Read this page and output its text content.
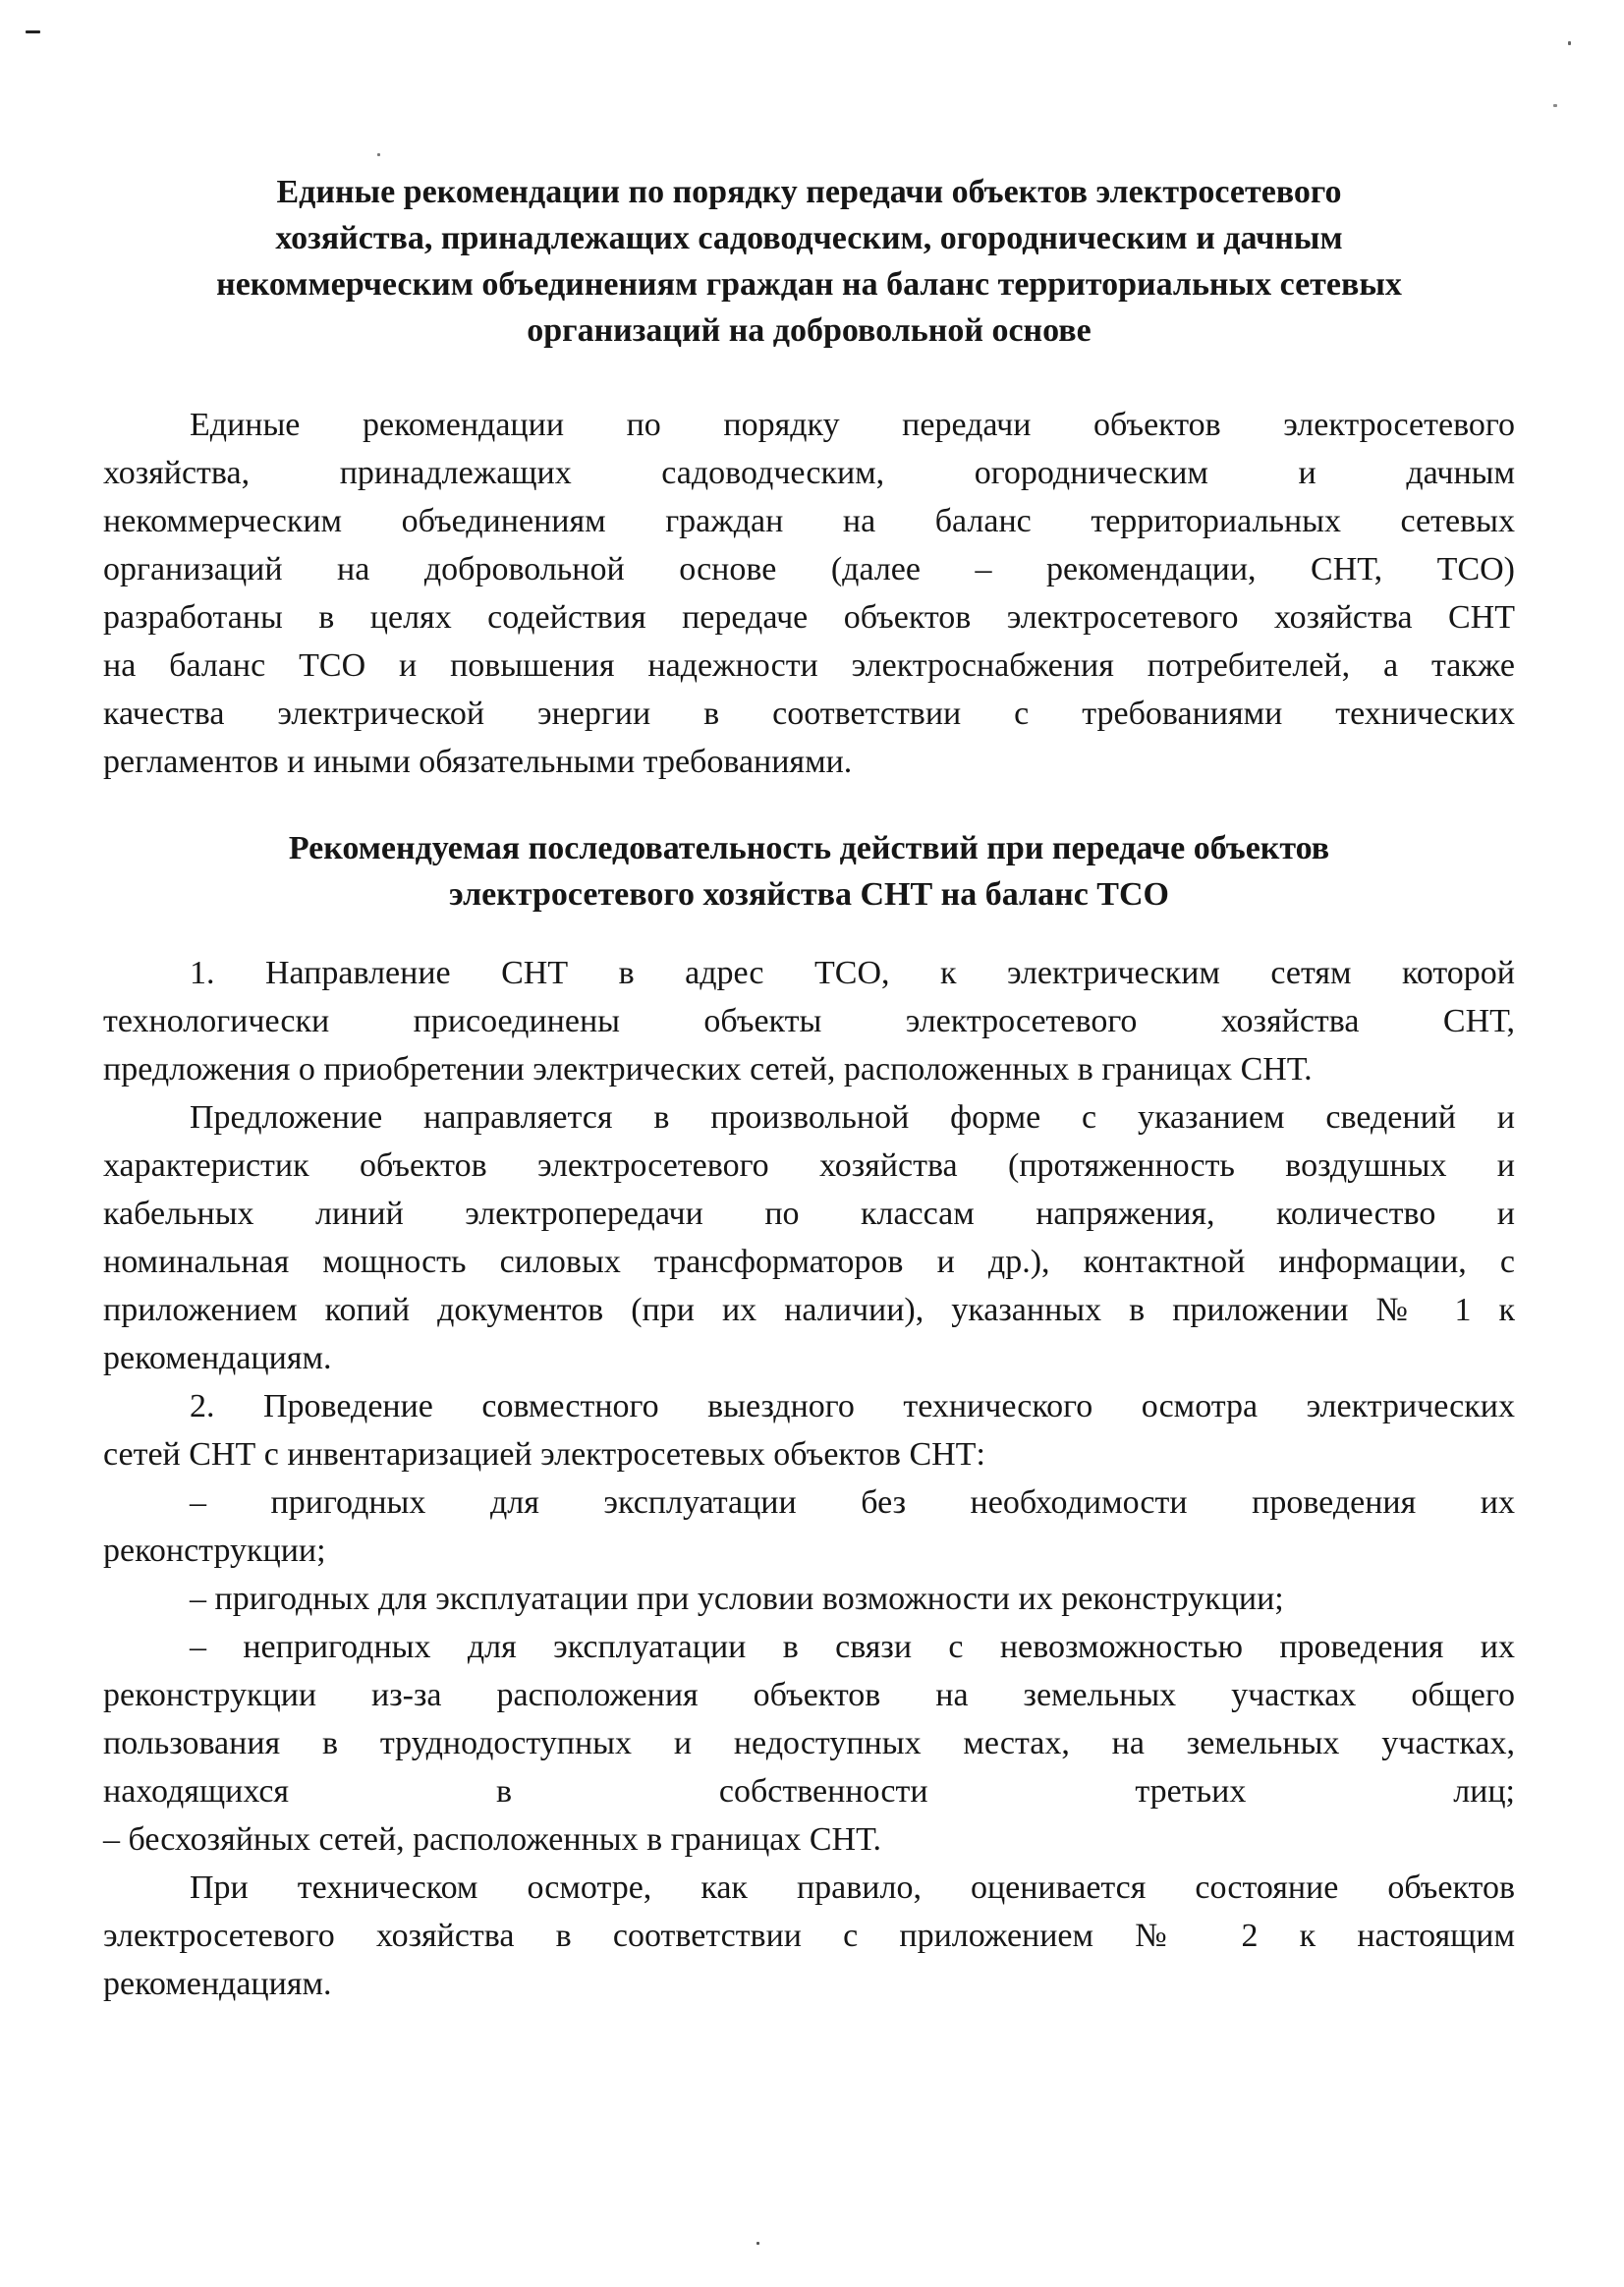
Единые рекомендации по порядку передачи объектов электросетевого
хозяйства, принадлежащих садоводческим, огородническим и дачным
некоммерческим объединениям граждан на баланс территориальных сетевых
организаций на добровольной основе

Единые рекомендации по порядку передачи объектов электросетевого
хозяйства, принадлежащих садоводческим, огородническим и дачным
некоммерческим объединениям граждан на баланс территориальных сетевых
организаций на добровольной основе (далее – рекомендации, СНТ, ТСО)
разработаны в целях содействия передаче объектов электросетевого хозяйства СНТ
на баланс ТСО и повышения надежности электроснабжения потребителей, а также
качества электрической энергии в соответствии с требованиями технических
регламентов и иными обязательными требованиями.

Рекомендуемая последовательность действий при передаче объектов
электросетевого хозяйства СНТ на баланс ТСО

1. Направление СНТ в адрес ТСО, к электрическим сетям которой
технологически присоединены объекты электросетевого хозяйства СНТ,
предложения о приобретении электрических сетей, расположенных в границах СНТ.

Предложение направляется в произвольной форме с указанием сведений и
характеристик объектов электросетевого хозяйства (протяженность воздушных и
кабельных линий электропередачи по классам напряжения, количество и
номинальная мощность силовых трансформаторов и др.), контактной информации, с
приложением копий документов (при их наличии), указанных в приложении № 1 к
рекомендациям.

2. Проведение совместного выездного технического осмотра электрических
сетей СНТ с инвентаризацией электросетевых объектов СНТ:

– пригодных для эксплуатации без необходимости проведения их
реконструкции;

– пригодных для эксплуатации при условии возможности их реконструкции;

– непригодных для эксплуатации в связи с невозможностью проведения их
реконструкции из-за расположения объектов на земельных участках общего
пользования в труднодоступных и недоступных местах, на земельных участках,
находящихся в собственности третьих лиц;
– бесхозяйных сетей, расположенных в границах СНТ.

При техническом осмотре, как правило, оценивается состояние объектов
электросетевого хозяйства в соответствии с приложением № 2 к настоящим
рекомендациям.
